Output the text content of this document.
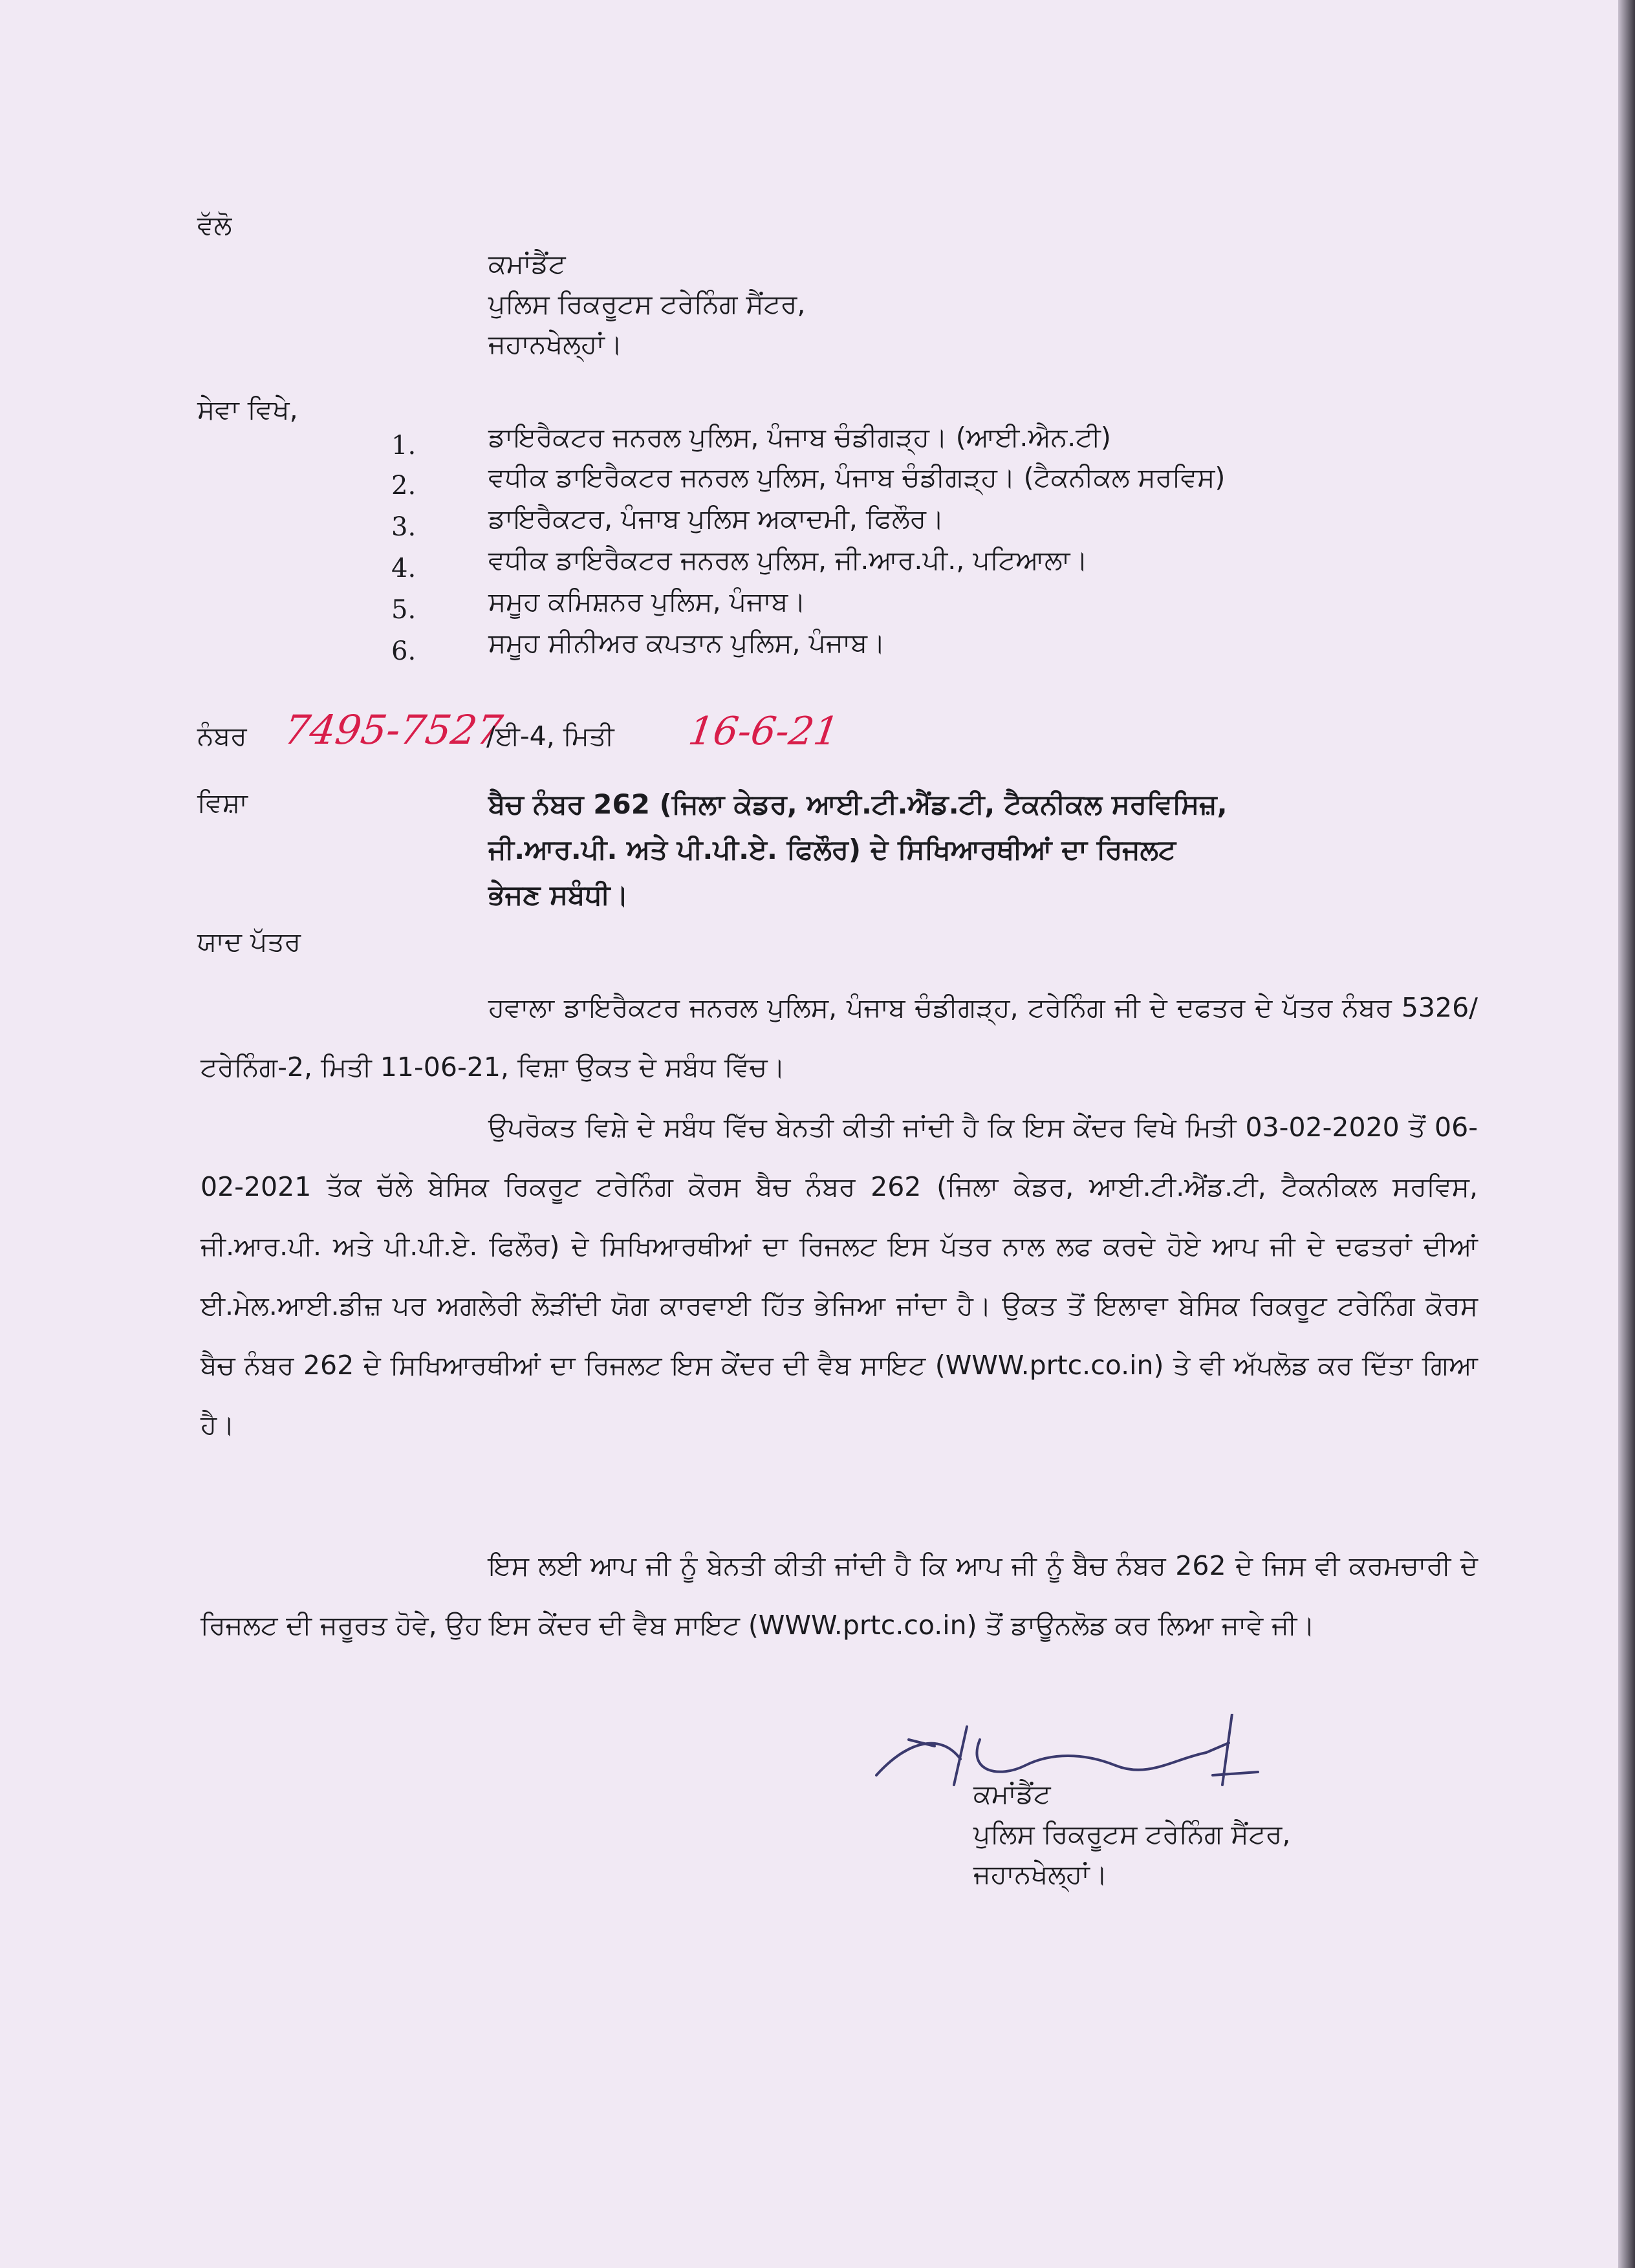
ਵੱਲੋ
ਕਮਾਂਡੈਂਟ
ਪੁਲਿਸ ਰਿਕਰੂਟਸ ਟਰੇਨਿੰਗ ਸੈਂਟਰ,
ਜਹਾਨਖੇਲ੍ਹਾਂ।
ਸੇਵਾ ਵਿਖੇ,
1.	ਡਾਇਰੈਕਟਰ ਜਨਰਲ ਪੁਲਿਸ, ਪੰਜਾਬ ਚੰਡੀਗੜ੍ਹ। (ਆਈ.ਐਨ.ਟੀ)
2.	ਵਧੀਕ ਡਾਇਰੈਕਟਰ ਜਨਰਲ ਪੁਲਿਸ, ਪੰਜਾਬ ਚੰਡੀਗੜ੍ਹ। (ਟੈਕਨੀਕਲ ਸਰਵਿਸ)
3.	ਡਾਇਰੈਕਟਰ, ਪੰਜਾਬ ਪੁਲਿਸ ਅਕਾਦਮੀ, ਫਿਲੌਰ।
4.	ਵਧੀਕ ਡਾਇਰੈਕਟਰ ਜਨਰਲ ਪੁਲਿਸ, ਜੀ.ਆਰ.ਪੀ., ਪਟਿਆਲਾ।
5.	ਸਮੂਹ ਕਮਿਸ਼ਨਰ ਪੁਲਿਸ, ਪੰਜਾਬ।
6.	ਸਮੂਹ ਸੀਨੀਅਰ ਕਪਤਾਨ ਪੁਲਿਸ, ਪੰਜਾਬ।
ਨੰਬਰ 7495-7527
/ਈ-4, ਮਿਤੀ 16-6-21
ਵਿਸ਼ਾ	ਬੈਚ ਨੰਬਰ 262 (ਜਿਲਾ ਕੇਡਰ, ਆਈ.ਟੀ.ਐਂਡ.ਟੀ, ਟੈਕਨੀਕਲ ਸਰਵਿਸਿਜ਼,
ਜੀ.ਆਰ.ਪੀ. ਅਤੇ ਪੀ.ਪੀ.ਏ. ਫਿਲੌਰ) ਦੇ ਸਿਖਿਆਰਥੀਆਂ ਦਾ ਰਿਜਲਟ
ਭੇਜਣ ਸਬੰਧੀ।
ਯਾਦ ਪੱਤਰ
ਹਵਾਲਾ ਡਾਇਰੈਕਟਰ ਜਨਰਲ ਪੁਲਿਸ, ਪੰਜਾਬ ਚੰਡੀਗੜ੍ਹ, ਟਰੇਨਿੰਗ ਜੀ ਦੇ ਦਫਤਰ ਦੇ ਪੱਤਰ ਨੰਬਰ 5326/ਟਰੇਨਿੰਗ-2, ਮਿਤੀ 11-06-21, ਵਿਸ਼ਾ ਉਕਤ ਦੇ ਸਬੰਧ ਵਿੱਚ।
ਉਪਰੋਕਤ ਵਿਸ਼ੇ ਦੇ ਸਬੰਧ ਵਿੱਚ ਬੇਨਤੀ ਕੀਤੀ ਜਾਂਦੀ ਹੈ ਕਿ ਇਸ ਕੇਂਦਰ ਵਿਖੇ ਮਿਤੀ 03-02-2020 ਤੋਂ 06-02-2021 ਤੱਕ ਚੱਲੇ ਬੇਸਿਕ ਰਿਕਰੂਟ ਟਰੇਨਿੰਗ ਕੋਰਸ ਬੈਚ ਨੰਬਰ 262 (ਜਿਲਾ ਕੇਡਰ, ਆਈ.ਟੀ.ਐਂਡ.ਟੀ, ਟੈਕਨੀਕਲ ਸਰਵਿਸ, ਜੀ.ਆਰ.ਪੀ. ਅਤੇ ਪੀ.ਪੀ.ਏ. ਫਿਲੌਰ) ਦੇ ਸਿਖਿਆਰਥੀਆਂ ਦਾ ਰਿਜਲਟ ਇਸ ਪੱਤਰ ਨਾਲ ਲਫ ਕਰਦੇ ਹੋਏ ਆਪ ਜੀ ਦੇ ਦਫਤਰਾਂ ਦੀਆਂ ਈ.ਮੇਲ.ਆਈ.ਡੀਜ਼ ਪਰ ਅਗਲੇਰੀ ਲੋੜੀਂਦੀ ਯੋਗ ਕਾਰਵਾਈ ਹਿੱਤ ਭੇਜਿਆ ਜਾਂਦਾ ਹੈ। ਉਕਤ ਤੋਂ ਇਲਾਵਾ ਬੇਸਿਕ ਰਿਕਰੂਟ ਟਰੇਨਿੰਗ ਕੋਰਸ ਬੈਚ ਨੰਬਰ 262 ਦੇ ਸਿਖਿਆਰਥੀਆਂ ਦਾ ਰਿਜਲਟ ਇਸ ਕੇਂਦਰ ਦੀ ਵੈਬ ਸਾਇਟ (WWW.prtc.co.in) ਤੇ ਵੀ ਅੱਪਲੋਡ ਕਰ ਦਿੱਤਾ ਗਿਆ ਹੈ।
ਇਸ ਲਈ ਆਪ ਜੀ ਨੂੰ ਬੇਨਤੀ ਕੀਤੀ ਜਾਂਦੀ ਹੈ ਕਿ ਆਪ ਜੀ ਨੂੰ ਬੈਚ ਨੰਬਰ 262 ਦੇ ਜਿਸ ਵੀ ਕਰਮਚਾਰੀ ਦੇ ਰਿਜਲਟ ਦੀ ਜਰੂਰਤ ਹੋਵੇ, ਉਹ ਇਸ ਕੇਂਦਰ ਦੀ ਵੈਬ ਸਾਇਟ (WWW.prtc.co.in) ਤੋਂ ਡਾਊਨਲੋਡ ਕਰ ਲਿਆ ਜਾਵੇ ਜੀ।
ਕਮਾਂਡੈਂਟ
ਪੁਲਿਸ ਰਿਕਰੂਟਸ ਟਰੇਨਿੰਗ ਸੈਂਟਰ,
ਜਹਾਨਖੇਲ੍ਹਾਂ।
